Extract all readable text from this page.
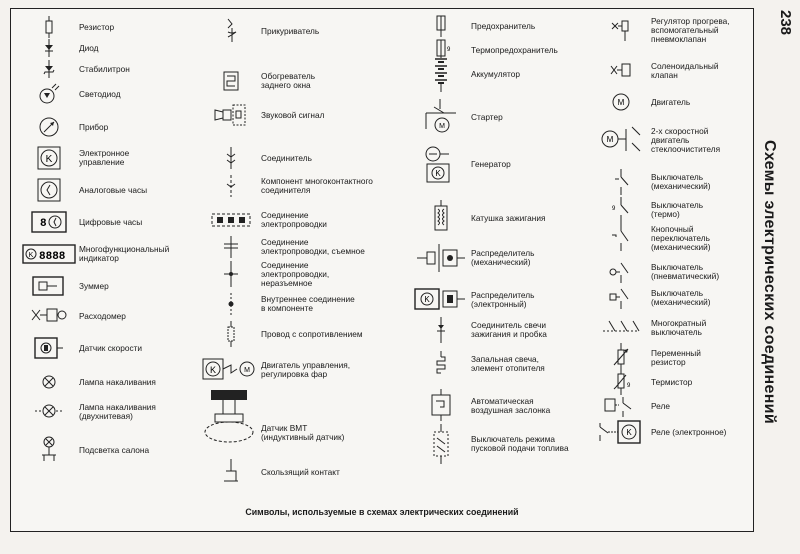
Резистор
Диод
Стабилитрон
Светодиод
Прибор
K
Электронное
управление
Аналоговые часы
8	Цифровые часы
K 8888
Многофункциональный
индикатор
Зуммер
Расходомер
Датчик скорости
Лампа накаливания
Лампа накаливания
(двухнитевая)
Подсветка салона
Прикуриватель
Обогреватель
заднего окна
Звуковой сигнал
Соединитель
Компонент многоконтактного
соединителя
Соединение
электропроводки
Соединение
электропроводки, съемное
Соединение
электропроводки,
неразъемное
Внутреннее соединение
в компоненте
Провод с сопротивлением
K	M
Двигатель управления,
регулировка фар
Датчик ВМТ
(индуктивный датчик)
Скользящий контакт
Предохранитель
9 Термопредохранитель
Аккумулятор
M
Стартер
K
Генератор
Катушка зажигания
Распределитель
(механический)
K	Распределитель
(электронный)
Соединитель свечи
зажигания и пробка
Запальная свеча,
элемент отопителя
Автоматическая
воздушная заслонка
Выключатель режима
пусковой подачи топлива
Регулятор прогрева,
вспомогательный
пневмоклапан
Соленоидальный
клапан
M	Двигатель
M
2-х скоростной
двигатель
стеклоочистителя
Выключатель
(механический)
9	Выключатель
(термо)
Кнопочный
переключатель
(механический)
Выключатель
(пневматический)
Выключатель
(механический)
Многократный
выключатель
Переменный
резистор
9 Термистор
Реле
K Реле (электронное)
Символы, используемые в схемах электрических соединений
238
Схемы электрических соединений
